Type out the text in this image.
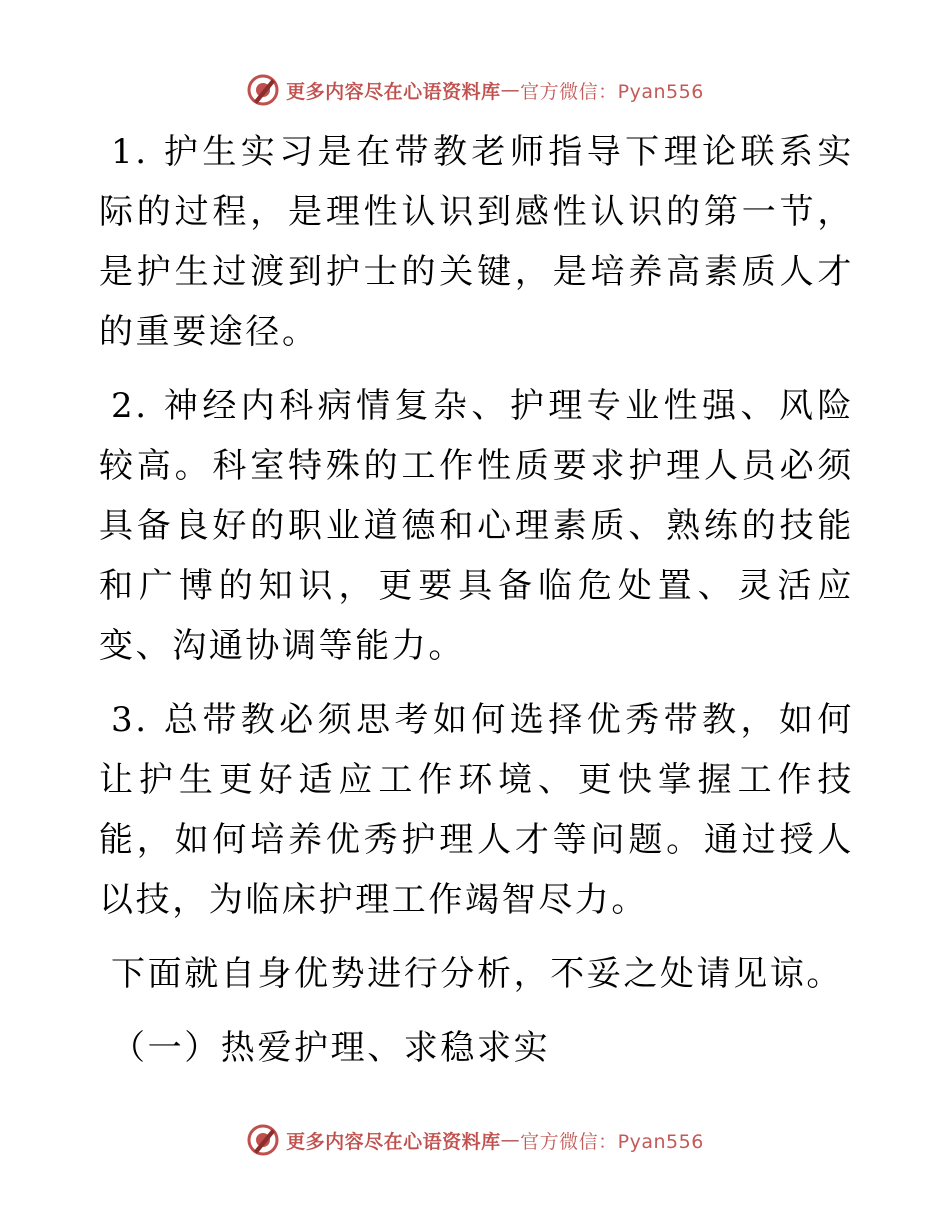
更多内容尽在心语资料库 — 官方微信：Pyan556

1. 护生实习是在带教老师指导下理论联系实际的过程，是理性认识到感性认识的第一节，是护生过渡到护士的关键，是培养高素质人才的重要途径。

2. 神经内科病情复杂、护理专业性强、风险较高。科室特殊的工作性质要求护理人员必须具备良好的职业道德和心理素质、熟练的技能和广博的知识，更要具备临危处置、灵活应变、沟通协调等能力。

3. 总带教必须思考如何选择优秀带教，如何让护生更好适应工作环境、更快掌握工作技能，如何培养优秀护理人才等问题。通过授人以技，为临床护理工作竭智尽力。

下面就自身优势进行分析，不妥之处请见谅。

（一）热爱护理、求稳求实

更多内容尽在心语资料库 — 官方微信：Pyan556
